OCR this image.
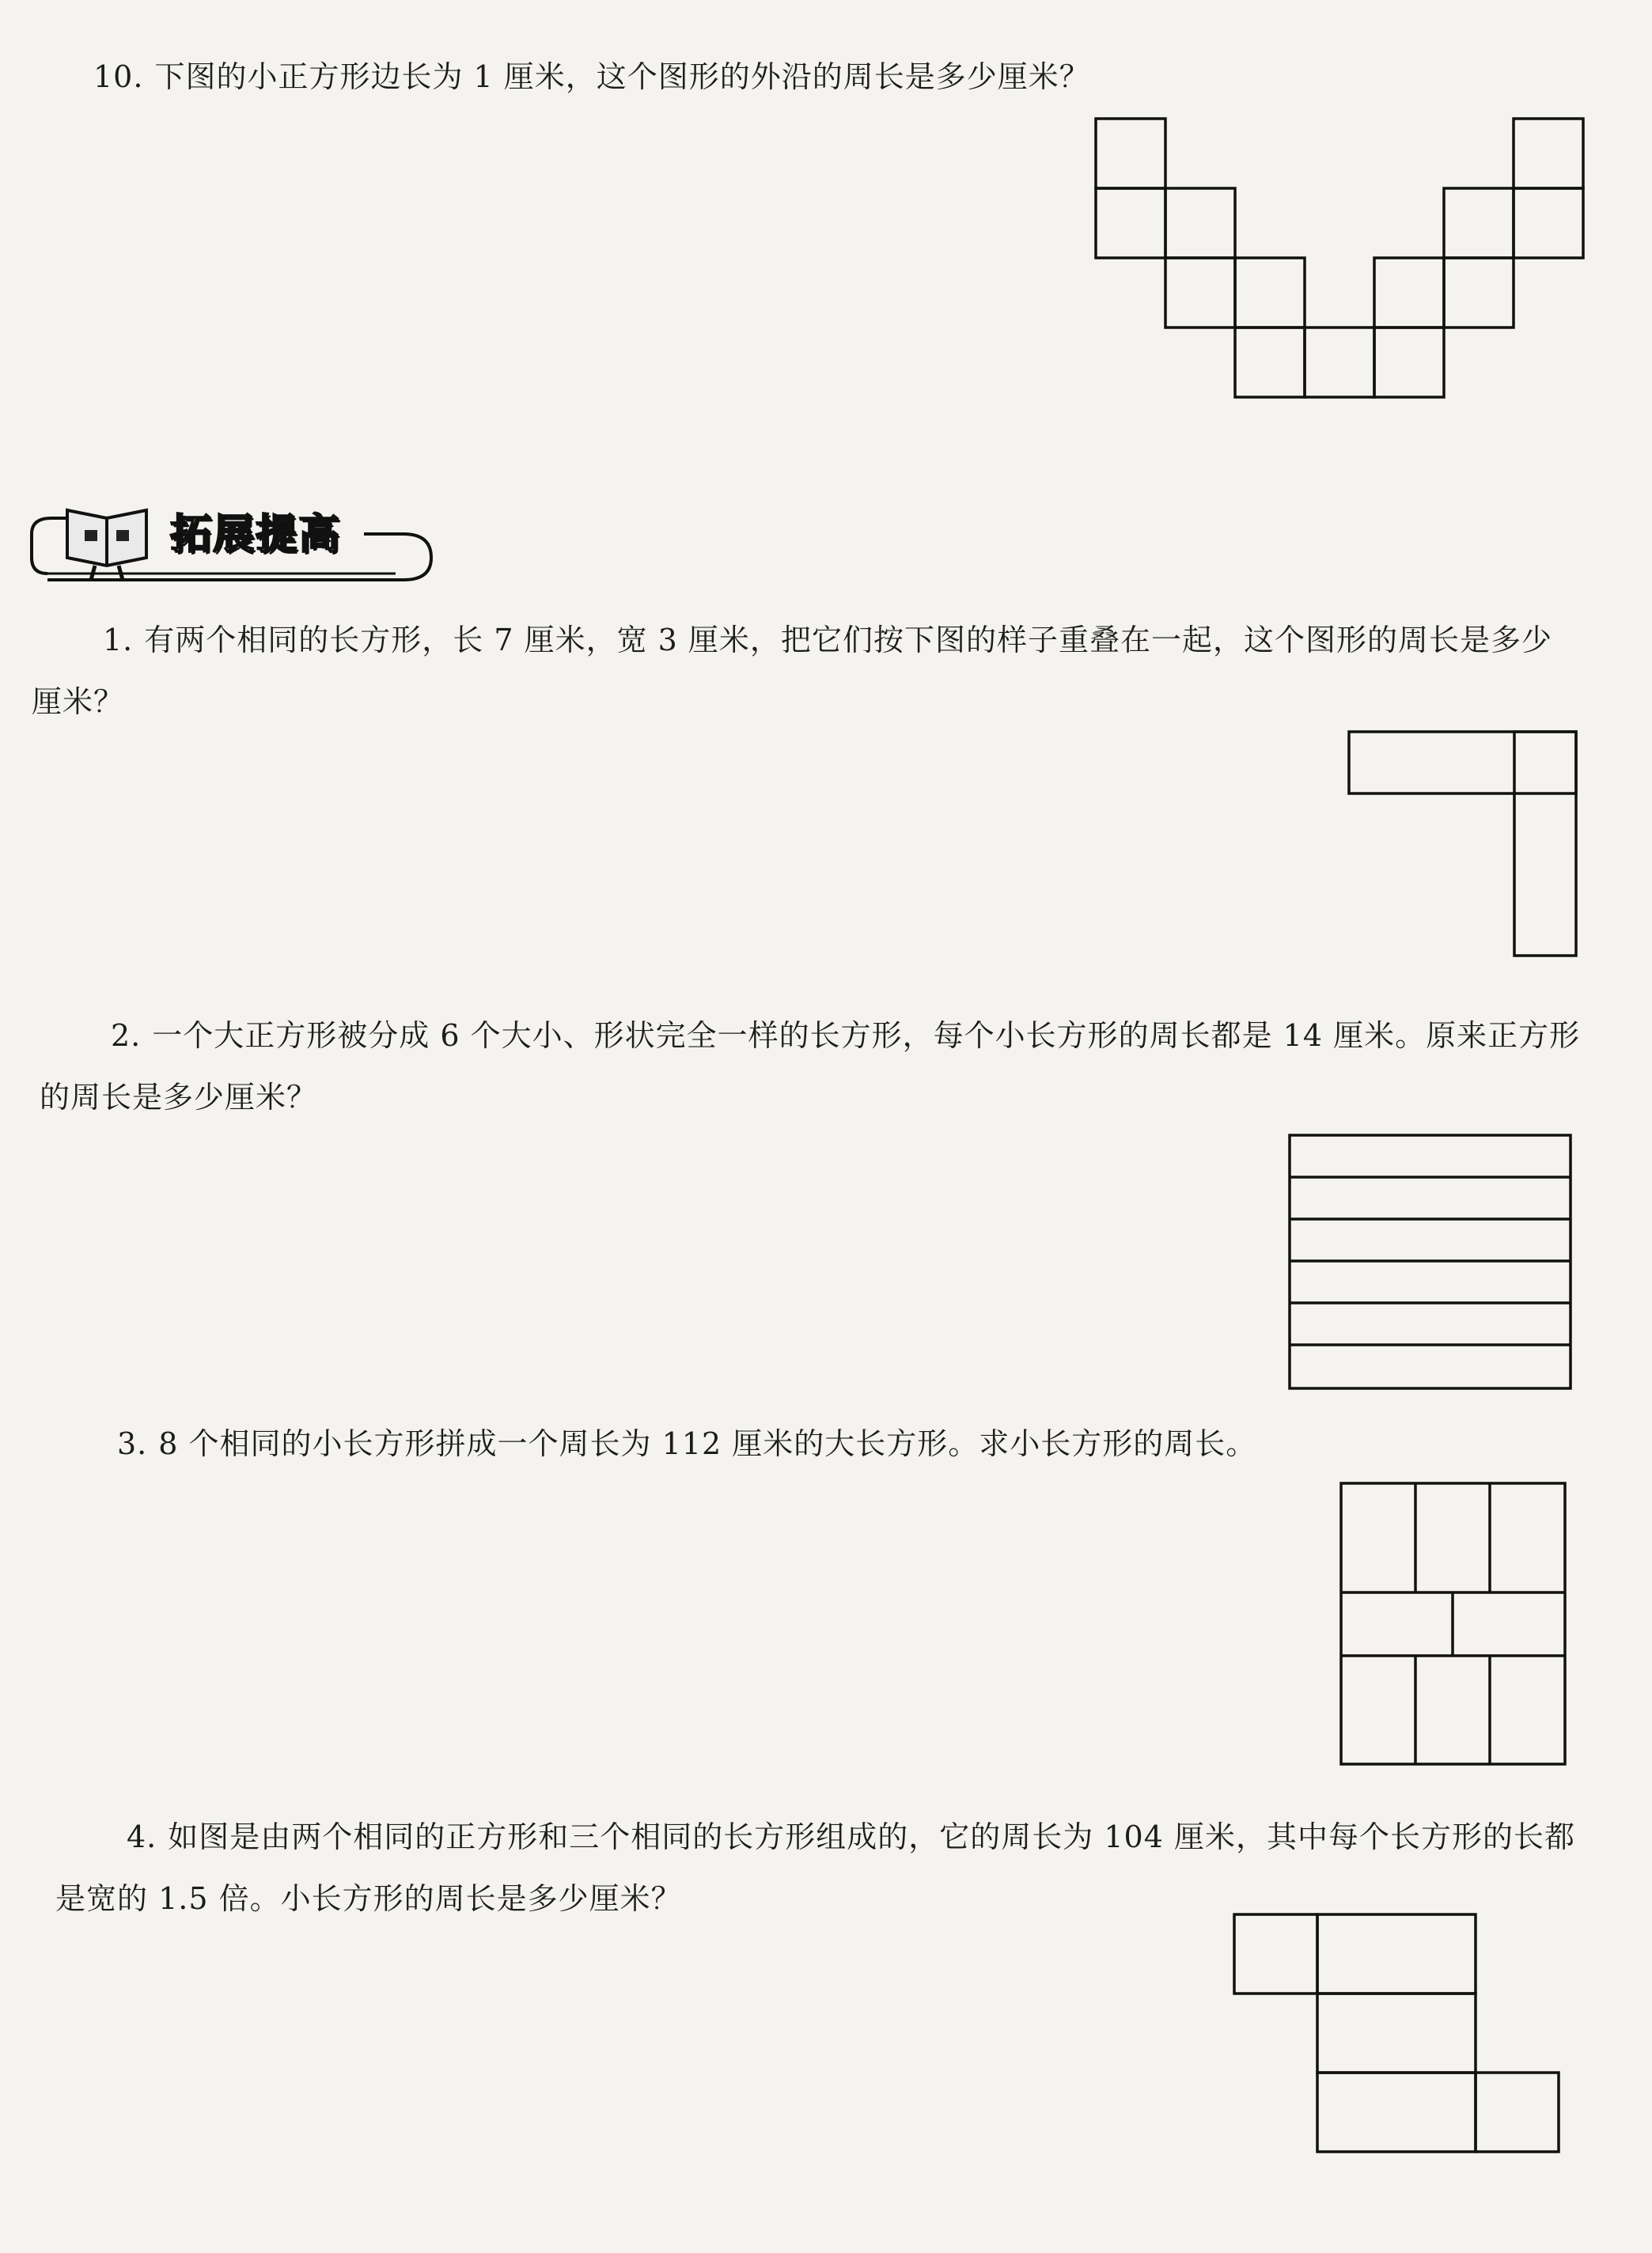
10. 下图的小正方形边长为 1 厘米，这个图形的外沿的周长是多少厘米？
拓展提高
1. 有两个相同的长方形，长 7 厘米，宽 3 厘米，把它们按下图的样子重叠在一起，这个图形的周长是多少厘米？
2. 一个大正方形被分成 6 个大小、形状完全一样的长方形，每个小长方形的周长都是 14 厘米。原来正方形的周长是多少厘米？
3. 8 个相同的小长方形拼成一个周长为 112 厘米的大长方形。求小长方形的周长。
4. 如图是由两个相同的正方形和三个相同的长方形组成的，它的周长为 104 厘米，其中每个长方形的长都是宽的 1.5 倍。小长方形的周长是多少厘米？
